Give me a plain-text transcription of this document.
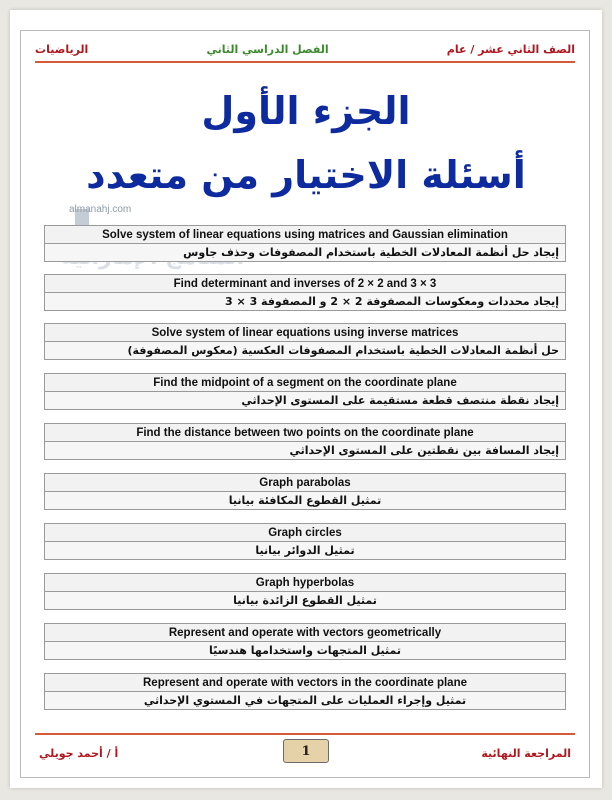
الصف الثاني عشر / عام
الفصل الدراسي الثاني
الرياضيات
الجزء الأول
أسئلة الاختيار من متعدد
almanahj.com
Solve system of linear equations using matrices and Gaussian elimination
إيجاد حل أنظمة المعادلات الخطية باستخدام المصفوفات وحذف جاوس
Find determinant and inverses of 2 × 2 and 3 × 3
إيجاد محددات ومعكوسات المصفوفة 2 × 2 و المصفوفة 3 × 3
Solve system of linear equations using inverse matrices
حل أنظمة المعادلات الخطية باستخدام المصفوفات العكسية (معكوس المصفوفة)
Find the midpoint of a segment on the coordinate plane
إيجاد نقطة منتصف قطعة مستقيمة على المستوى الإحداثي
Find the distance between two points on the coordinate plane
إيجاد المسافة بين نقطتين على المستوى الإحداثي
Graph parabolas
تمثيل القطوع المكافئة بيانيا
Graph circles
تمثيل الدوائر بيانيا
Graph hyperbolas
تمثيل القطوع الزائدة بيانيا
Represent and operate with vectors geometrically
تمثيل المتجهات واستخدامها هندسيًا
Represent and operate with vectors in the coordinate plane
تمثيل وإجراء العمليات على المتجهات في المستوي الإحداثي
المراجعة النهائية
1
أ / أحمد جويلي
